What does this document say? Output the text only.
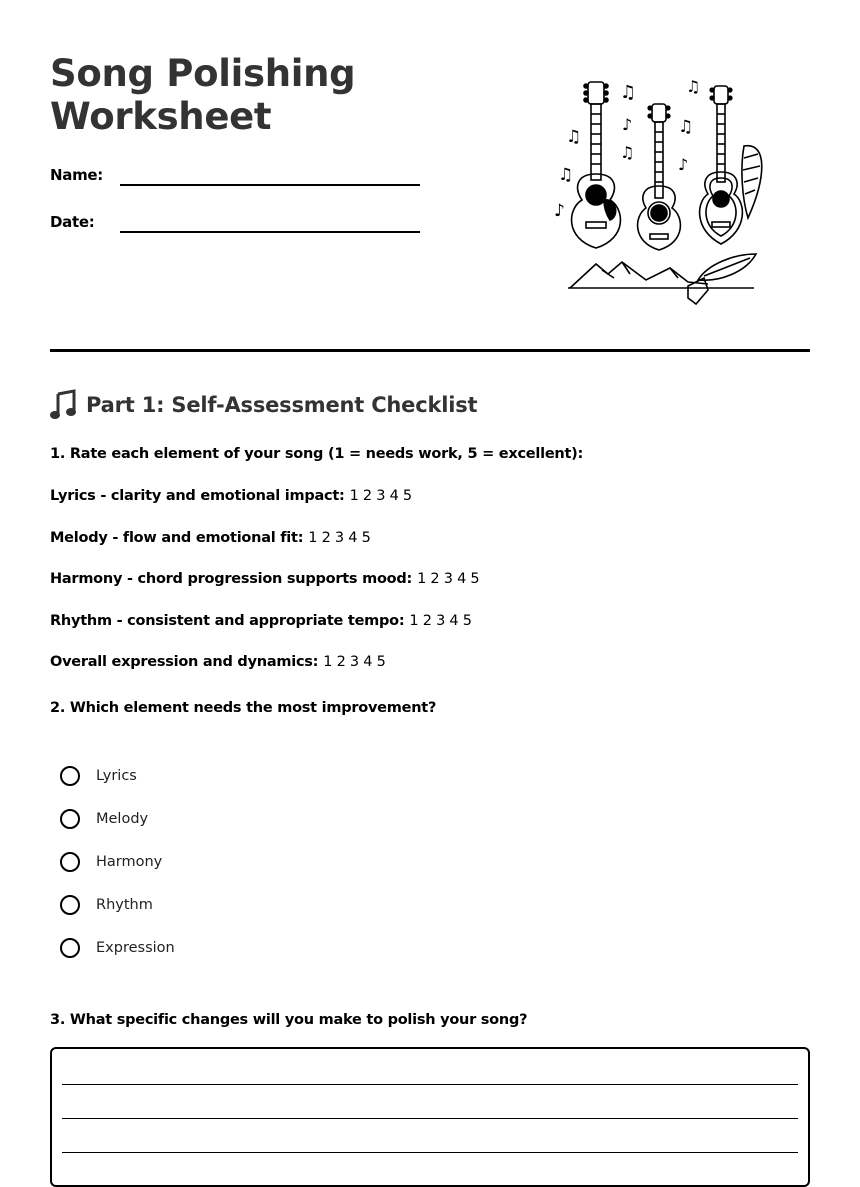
Song Polishing Worksheet
Name:
Date:
♫
♫
♪
♫
♫
♪
♫
♫
♪
Part 1: Self-Assessment Checklist
1. Rate each element of your song (1 = needs work, 5 = excellent):
Lyrics - clarity and emotional impact: 1 2 3 4 5
Melody - flow and emotional fit: 1 2 3 4 5
Harmony - chord progression supports mood: 1 2 3 4 5
Rhythm - consistent and appropriate tempo: 1 2 3 4 5
Overall expression and dynamics: 1 2 3 4 5
2. Which element needs the most improvement?
Lyrics
Melody
Harmony
Rhythm
Expression
3. What specific changes will you make to polish your song?
